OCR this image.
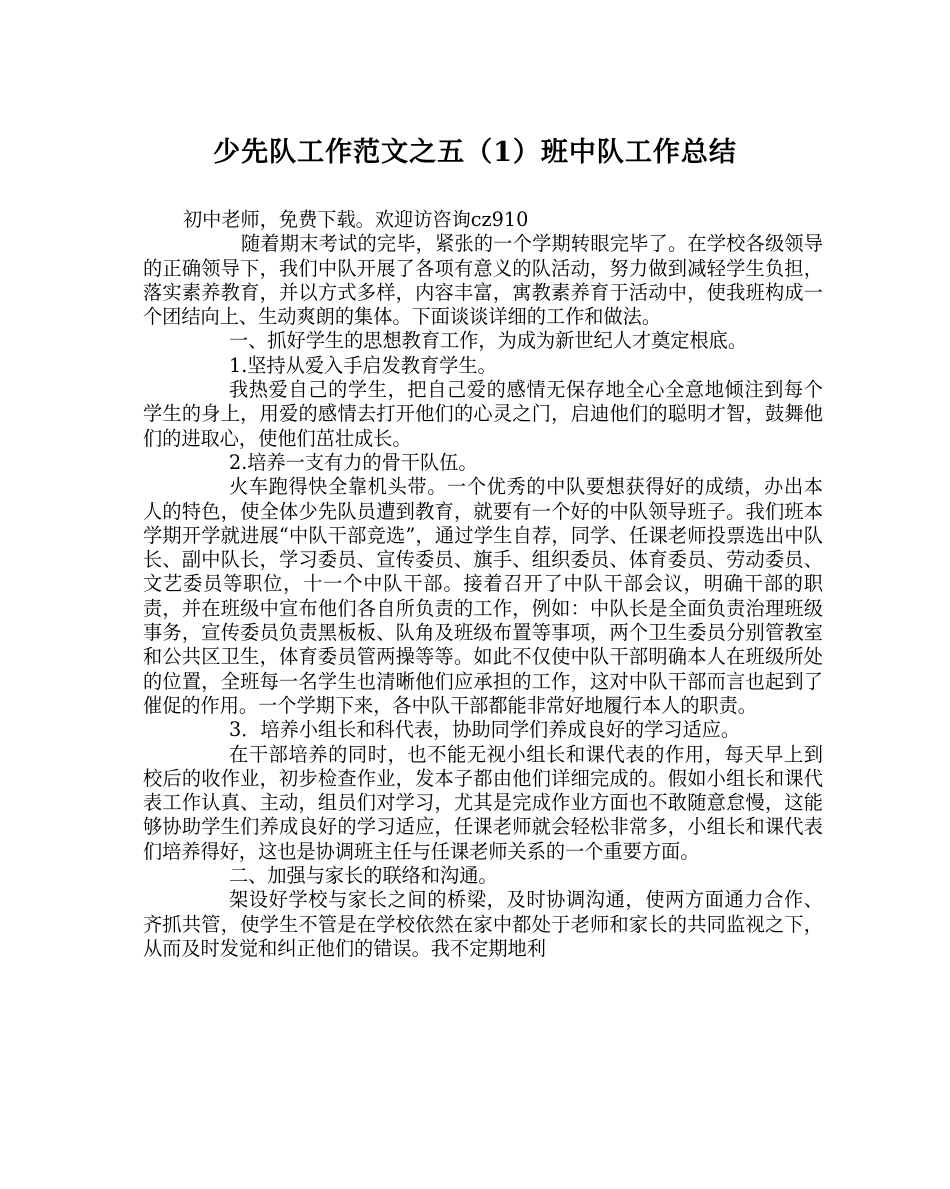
少先队工作范文之五（1）班中队工作总结

初中老师，免费下载。欢迎访咨询cz910

随着期末考试的完毕，紧张的一个学期转眼完毕了。在学校各级领导的正确领导下，我们中队开展了各项有意义的队活动，努力做到减轻学生负担，落实素养教育，并以方式多样，内容丰富，寓教素养育于活动中，使我班构成一个团结向上、生动爽朗的集体。下面谈谈详细的工作和做法。

一、抓好学生的思想教育工作，为成为新世纪人才奠定根底。

1.坚持从爱入手启发教育学生。

我热爱自己的学生，把自己爱的感情无保存地全心全意地倾注到每个学生的身上，用爱的感情去打开他们的心灵之门，启迪他们的聪明才智，鼓舞他们的进取心，使他们茁壮成长。

2.培养一支有力的骨干队伍。

火车跑得快全靠机头带。一个优秀的中队要想获得好的成绩，办出本人的特色，使全体少先队员遭到教育，就要有一个好的中队领导班子。我们班本学期开学就进展“中队干部竞选”，通过学生自荐，同学、任课老师投票选出中队长、副中队长，学习委员、宣传委员、旗手、组织委员、体育委员、劳动委员、文艺委员等职位，十一个中队干部。接着召开了中队干部会议，明确干部的职责，并在班级中宣布他们各自所负责的工作，例如：中队长是全面负责治理班级事务，宣传委员负责黑板板、队角及班级布置等事项，两个卫生委员分别管教室和公共区卫生，体育委员管两操等等。如此不仅使中队干部明确本人在班级所处的位置，全班每一名学生也清晰他们应承担的工作，这对中队干部而言也起到了催促的作用。一个学期下来，各中队干部都能非常好地履行本人的职责。

3．培养小组长和科代表，协助同学们养成良好的学习适应。

在干部培养的同时，也不能无视小组长和课代表的作用，每天早上到校后的收作业，初步检查作业，发本子都由他们详细完成的。假如小组长和课代表工作认真、主动，组员们对学习，尤其是完成作业方面也不敢随意怠慢，这能够协助学生们养成良好的学习适应，任课老师就会轻松非常多，小组长和课代表们培养得好，这也是协调班主任与任课老师关系的一个重要方面。

二、加强与家长的联络和沟通。

架设好学校与家长之间的桥梁，及时协调沟通，使两方面通力合作、齐抓共管，使学生不管是在学校依然在家中都处于老师和家长的共同监视之下，从而及时发觉和纠正他们的错误。我不定期地利
